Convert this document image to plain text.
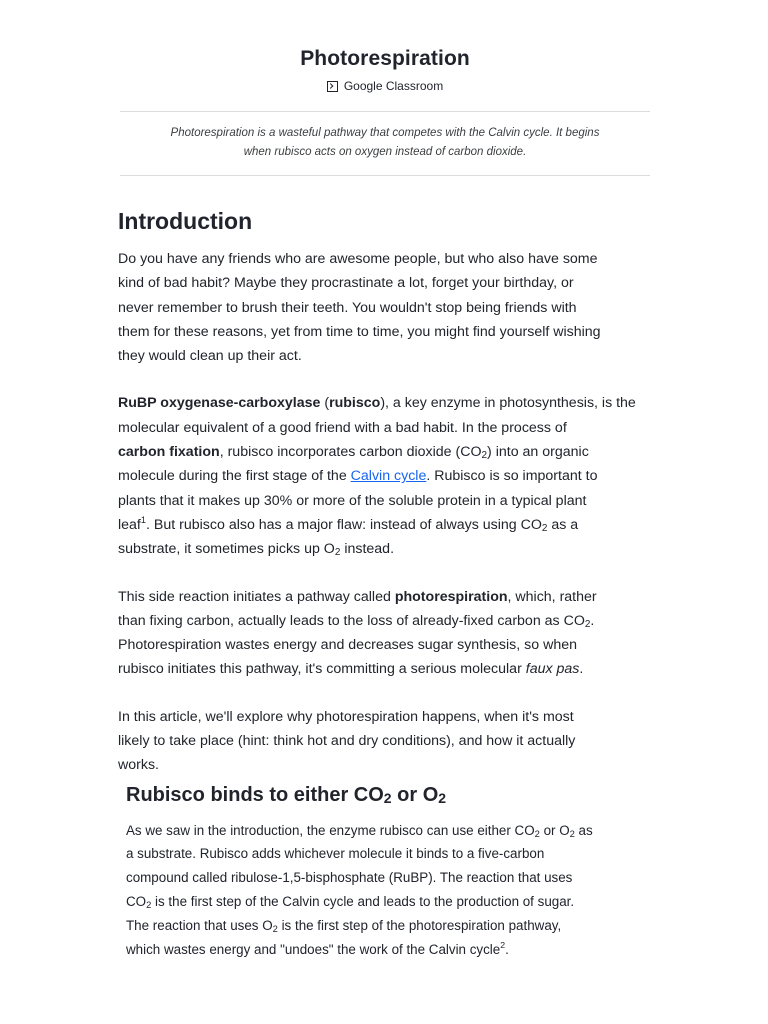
Photorespiration
Google Classroom
Photorespiration is a wasteful pathway that competes with the Calvin cycle. It begins
when rubisco acts on oxygen instead of carbon dioxide.
Introduction

Do you have any friends who are awesome people, but who also have some
kind of bad habit? Maybe they procrastinate a lot, forget your birthday, or
never remember to brush their teeth. You wouldn't stop being friends with
them for these reasons, yet from time to time, you might find yourself wishing
they would clean up their act.

RuBP oxygenase-carboxylase (rubisco), a key enzyme in photosynthesis, is the
molecular equivalent of a good friend with a bad habit. In the process of
carbon fixation, rubisco incorporates carbon dioxide $(CO_2)$ into an organic
molecule during the first stage of the Calvin cycle. Rubisco is so important to
plants that it makes up 30% or more of the soluble protein in a typical plant
leaf$^1$. But rubisco also has a major flaw: instead of always using $CO_2$ as a
substrate, it sometimes picks up $O_2$ instead.

This side reaction initiates a pathway called photorespiration, which, rather
than fixing carbon, actually leads to the loss of already-fixed carbon as $CO_2$.
Photorespiration wastes energy and decreases sugar synthesis, so when
rubisco initiates this pathway, it's committing a serious molecular faux pas.

In this article, we'll explore why photorespiration happens, when it's most
likely to take place (hint: think hot and dry conditions), and how it actually
works.

Rubisco binds to either $CO_2$ or $O_2$

As we saw in the introduction, the enzyme rubisco can use either $CO_2$ or $O_2$ as
a substrate. Rubisco adds whichever molecule it binds to a five-carbon
compound called ribulose-1,5-bisphosphate (RuBP). The reaction that uses
$CO_2$ is the first step of the Calvin cycle and leads to the production of sugar.
The reaction that uses $O_2$ is the first step of the photorespiration pathway,
which wastes energy and "undoes" the work of the Calvin cycle$^2$.
